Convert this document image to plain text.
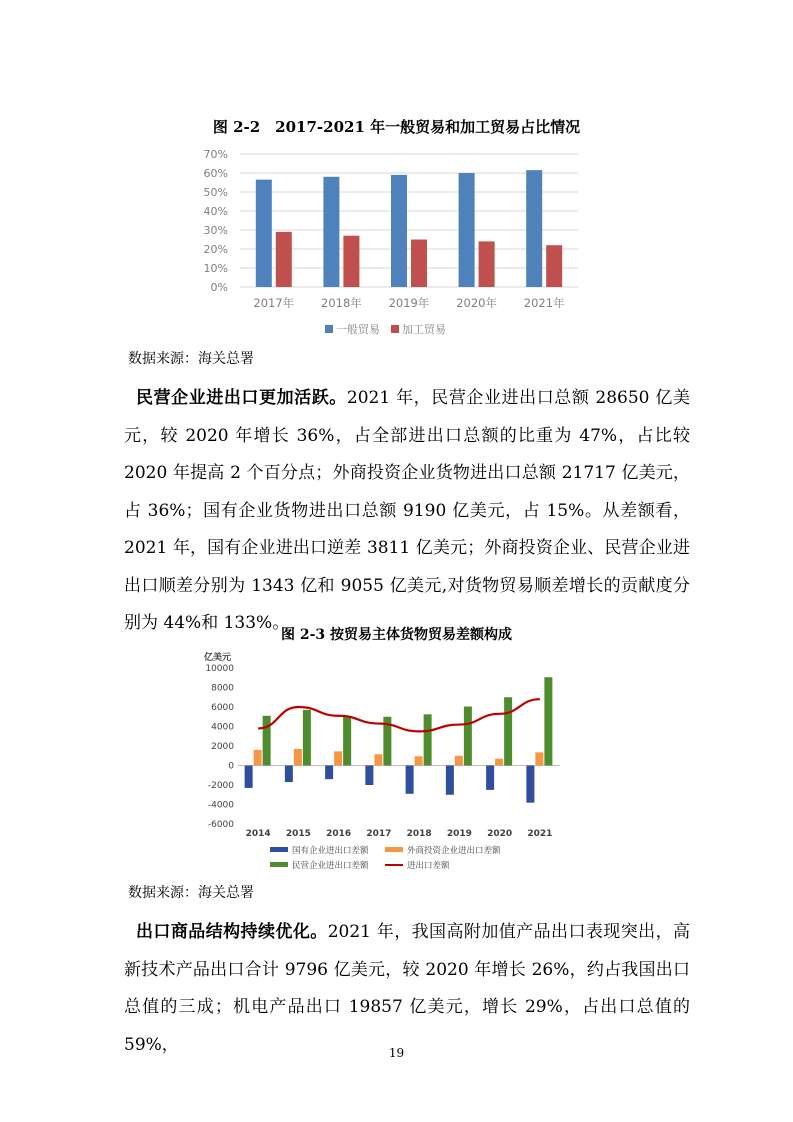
图 2-2　2017-2021 年一般贸易和加工贸易占比情况
0%
10%
20%
30%
40%
50%
60%
70%
2017年 2018年 2019年 2020年 2021年
一般贸易 加工贸易
数据来源：海关总署
民营企业进出口更加活跃。2021 年，民营企业进出口总额 28650 亿美元，较 2020 年增长 36%，占全部进出口总额的比重为 47%，占比较 2020 年提高 2 个百分点；外商投资企业货物进出口总额 21717 亿美元，占 36%；国有企业货物进出口总额 9190 亿美元，占 15%。从差额看，2021 年，国有企业进出口逆差 3811 亿美元；外商投资企业、民营企业进出口顺差分别为 1343 亿和 9055 亿美元,对货物贸易顺差增长的贡献度分别为 44%和 133%。
图 2-3 按贸易主体货物贸易差额构成
亿美元
-6000
-4000
-2000
0
2000
4000
6000
8000
10000
2014 2015 2016 2017 2018 2019 2020 2021
国有企业进出口差额	外商投资企业进出口差额
民营企业进出口差额	进出口差额
数据来源：海关总署
出口商品结构持续优化。2021 年，我国高附加值产品出口表现突出，高新技术产品出口合计 9796 亿美元，较 2020 年增长 26%，约占我国出口总值的三成；机电产品出口 19857 亿美元，增长 29%，占出口总值的 59%，	19
